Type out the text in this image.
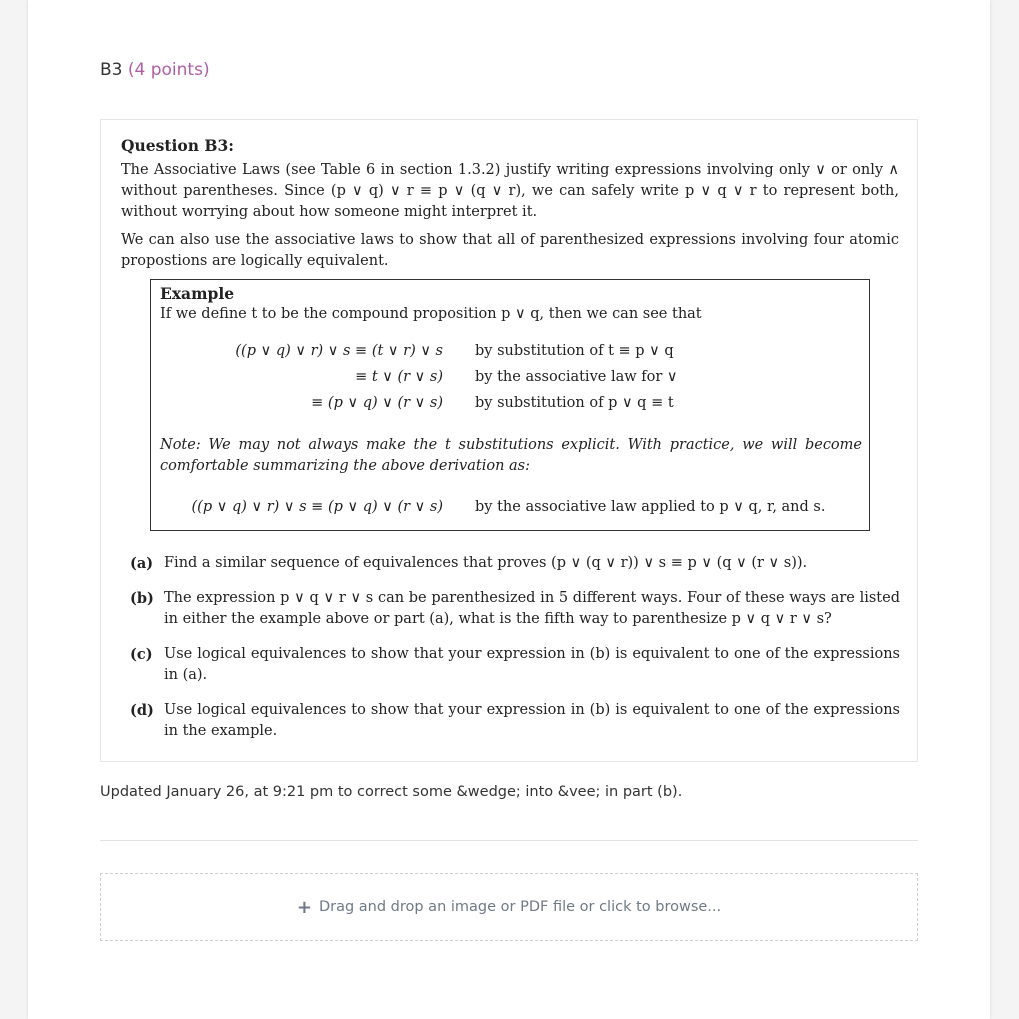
B3 (4 points)
Question B3:
The Associative Laws (see Table 6 in section 1.3.2) justify writing expressions involving only ∨ or only ∧ without parentheses. Since (p ∨ q) ∨ r ≡ p ∨ (q ∨ r), we can safely write p ∨ q ∨ r to represent both, without worrying about how someone might interpret it.
We can also use the associative laws to show that all of parenthesized expressions involving four atomic propostions are logically equivalent.
Example
If we define t to be the compound proposition p ∨ q, then we can see that
((p ∨ q) ∨ r) ∨ s ≡ (t ∨ r) ∨ s by substitution of t ≡ p ∨ q
≡ t ∨ (r ∨ s) by the associative law for ∨
≡ (p ∨ q) ∨ (r ∨ s) by substitution of p ∨ q ≡ t
Note: We may not always make the t substitutions explicit. With practice, we will become comfortable summarizing the above derivation as:
((p ∨ q) ∨ r) ∨ s ≡ (p ∨ q) ∨ (r ∨ s) by the associative law applied to p ∨ q, r, and s.
(a) Find a similar sequence of equivalences that proves (p ∨ (q ∨ r)) ∨ s ≡ p ∨ (q ∨ (r ∨ s)).
(b) The expression p ∨ q ∨ r ∨ s can be parenthesized in 5 different ways. Four of these ways are listed in either the example above or part (a), what is the fifth way to parenthesize p ∨ q ∨ r ∨ s?
(c) Use logical equivalences to show that your expression in (b) is equivalent to one of the expressions in (a).
(d) Use logical equivalences to show that your expression in (b) is equivalent to one of the expressions in the example.
Updated January 26, at 9:21 pm to correct some &wedge; into &vee; in part (b).
+ Drag and drop an image or PDF file or click to browse...
